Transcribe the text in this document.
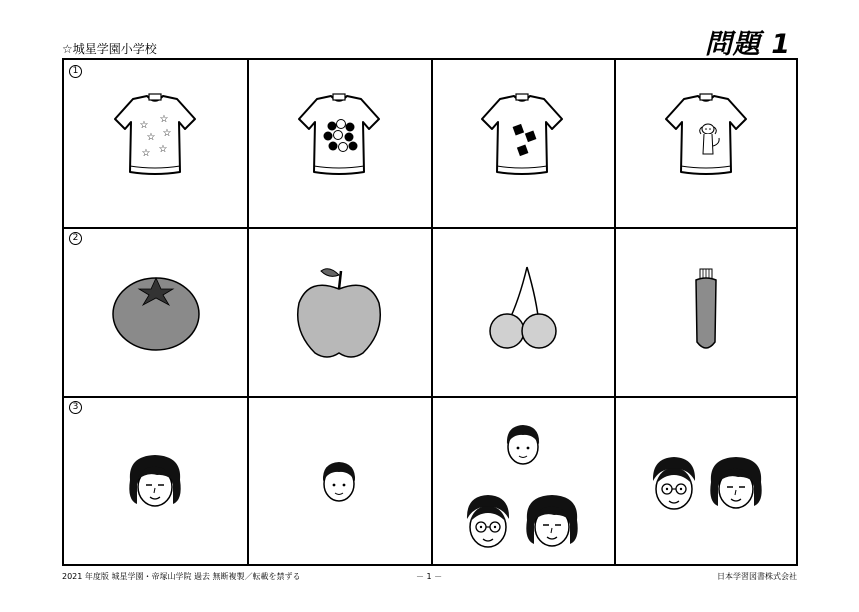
☆城星学園小学校	問題 1
1
☆
☆
☆ ☆
☆ ☆
2
3
2021 年度版 城星学園・帝塚山学院 過去 無断複製／転載を禁ずる	－ 1 －	日本学習図書株式会社
